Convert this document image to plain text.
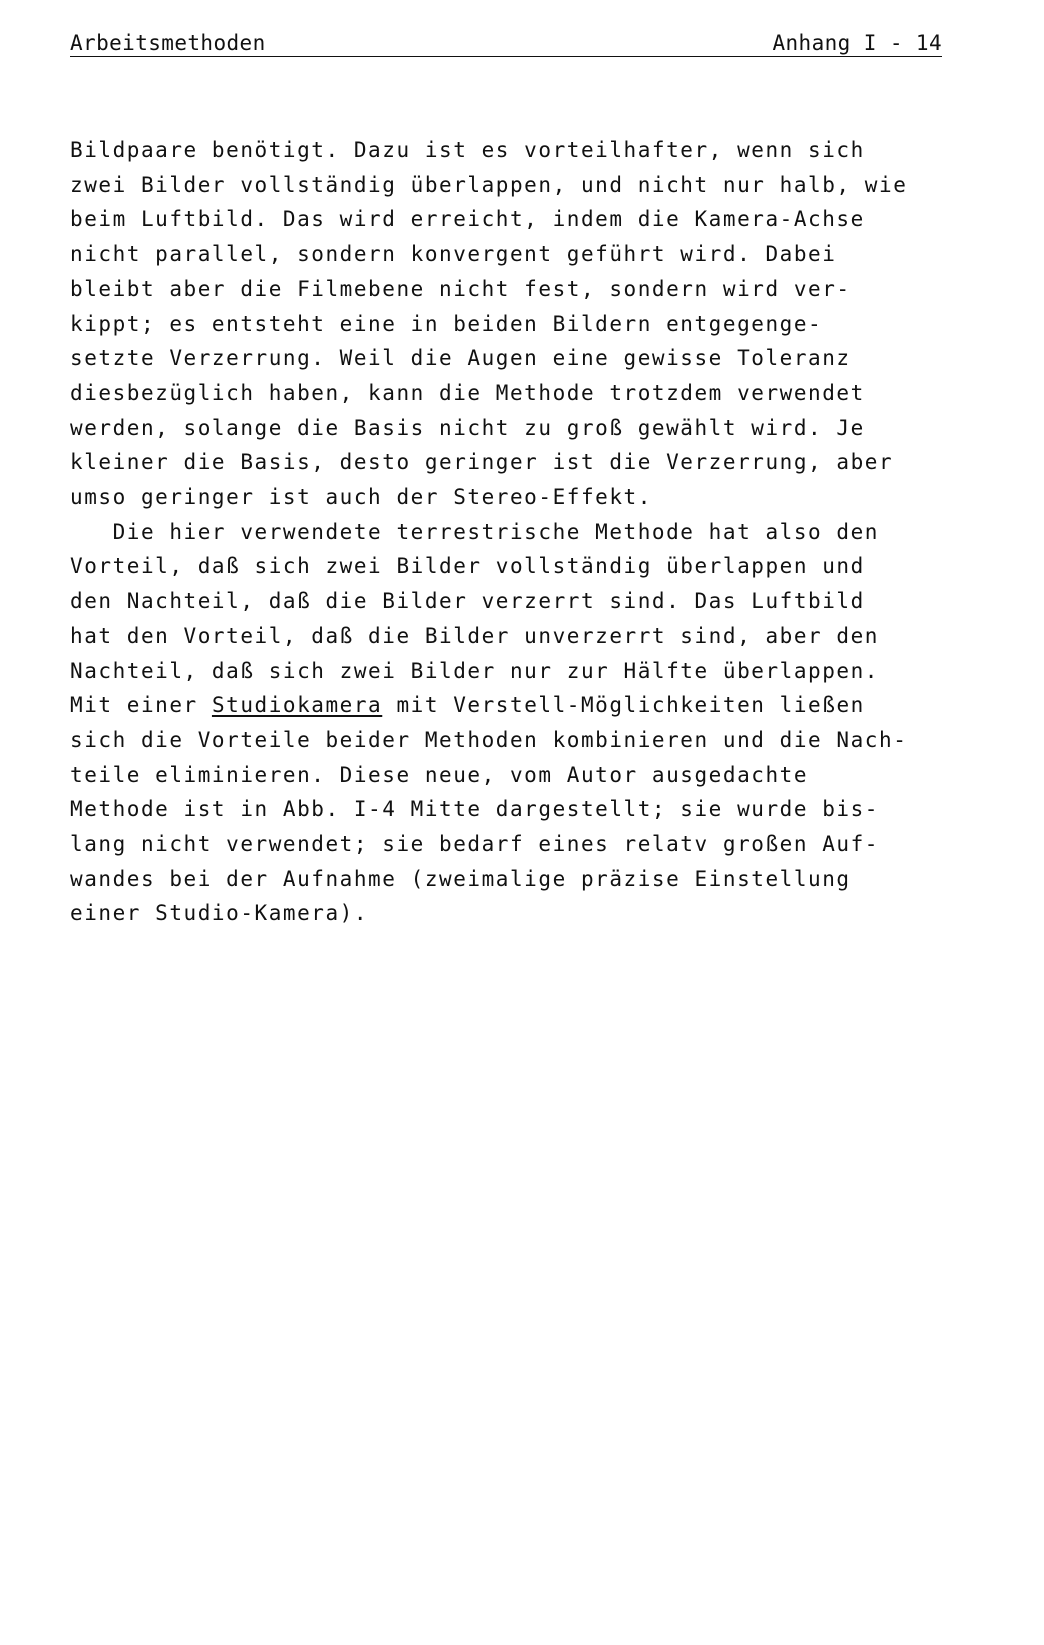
Arbeitsmethoden	Anhang I - 14
Bildpaare benötigt. Dazu ist es vorteilhafter, wenn sich
zwei Bilder vollständig überlappen, und nicht nur halb, wie
beim Luftbild. Das wird erreicht, indem die Kamera-Achse
nicht parallel, sondern konvergent geführt wird. Dabei
bleibt aber die Filmebene nicht fest, sondern wird ver-
kippt; es entsteht eine in beiden Bildern entgegenge-
setzte Verzerrung. Weil die Augen eine gewisse Toleranz
diesbezüglich haben, kann die Methode trotzdem verwendet
werden, solange die Basis nicht zu groß gewählt wird. Je
kleiner die Basis, desto geringer ist die Verzerrung, aber
umso geringer ist auch der Stereo-Effekt.
Die hier verwendete terrestrische Methode hat also den
Vorteil, daß sich zwei Bilder vollständig überlappen und
den Nachteil, daß die Bilder verzerrt sind. Das Luftbild
hat den Vorteil, daß die Bilder unverzerrt sind, aber den
Nachteil, daß sich zwei Bilder nur zur Hälfte überlappen.
Mit einer Studiokamera mit Verstell-Möglichkeiten ließen
sich die Vorteile beider Methoden kombinieren und die Nach-
teile eliminieren. Diese neue, vom Autor ausgedachte
Methode ist in Abb. I-4 Mitte dargestellt; sie wurde bis-
lang nicht verwendet; sie bedarf eines relatv großen Auf-
wandes bei der Aufnahme (zweimalige präzise Einstellung
einer Studio-Kamera).
